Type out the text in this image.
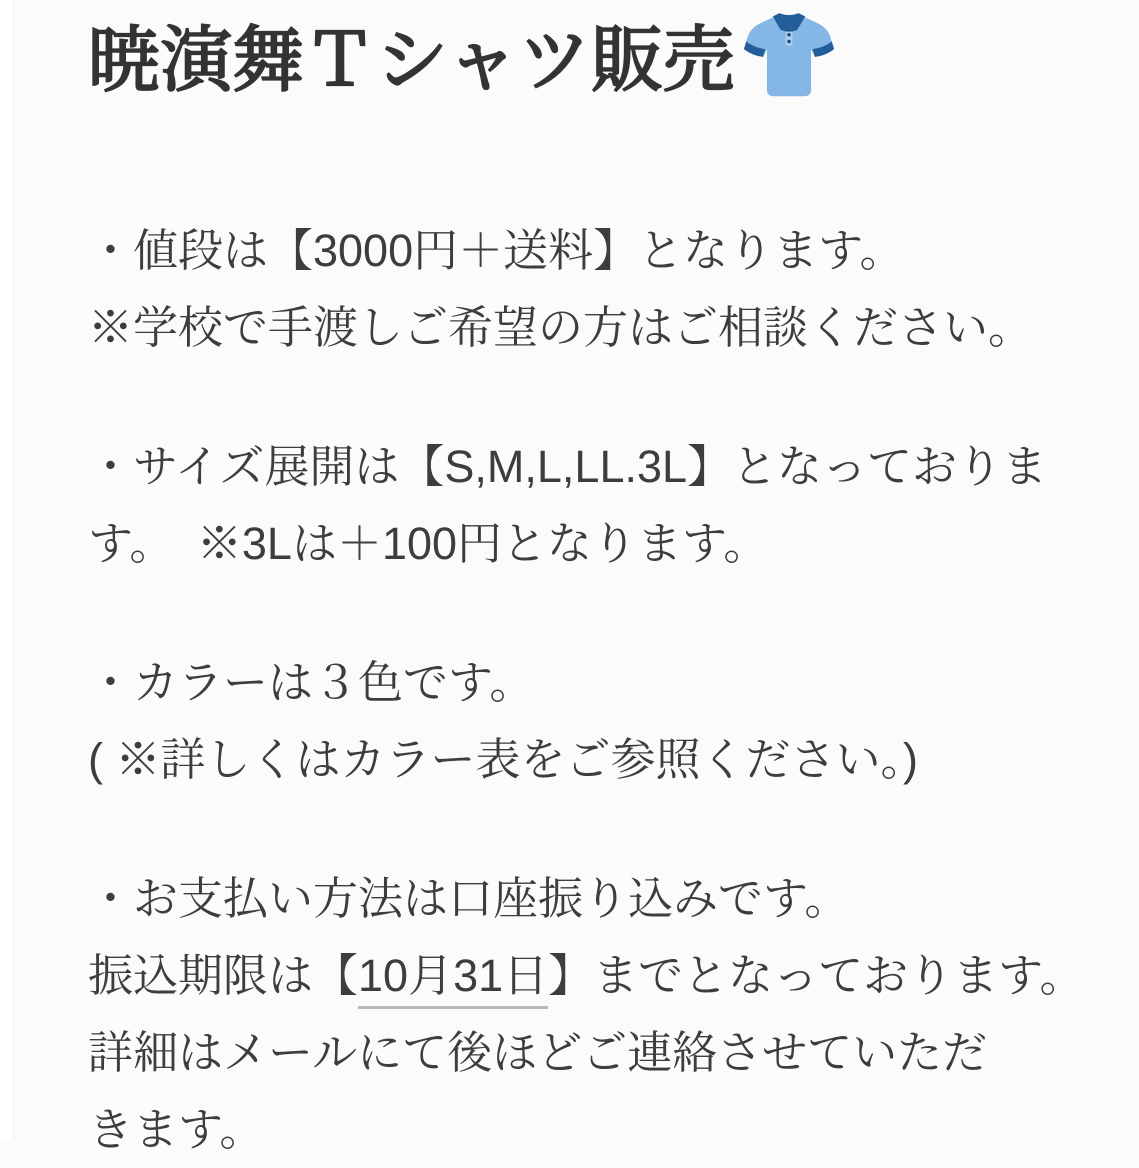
暁演舞Ｔシャツ販売
・値段は【3000円＋送料】となります。
※学校で手渡しご希望の方はご相談ください。
・サイズ展開は【S,M,L,LL.3L】となっておりま
す。　※3Lは＋100円となります。
・カラーは３色です。
( ※詳しくはカラー表をご参照ください。)
・お支払い方法は口座振り込みです。
振込期限は【10月31日】までとなっております。
詳細はメールにて後ほどご連絡させていただ
きます。
